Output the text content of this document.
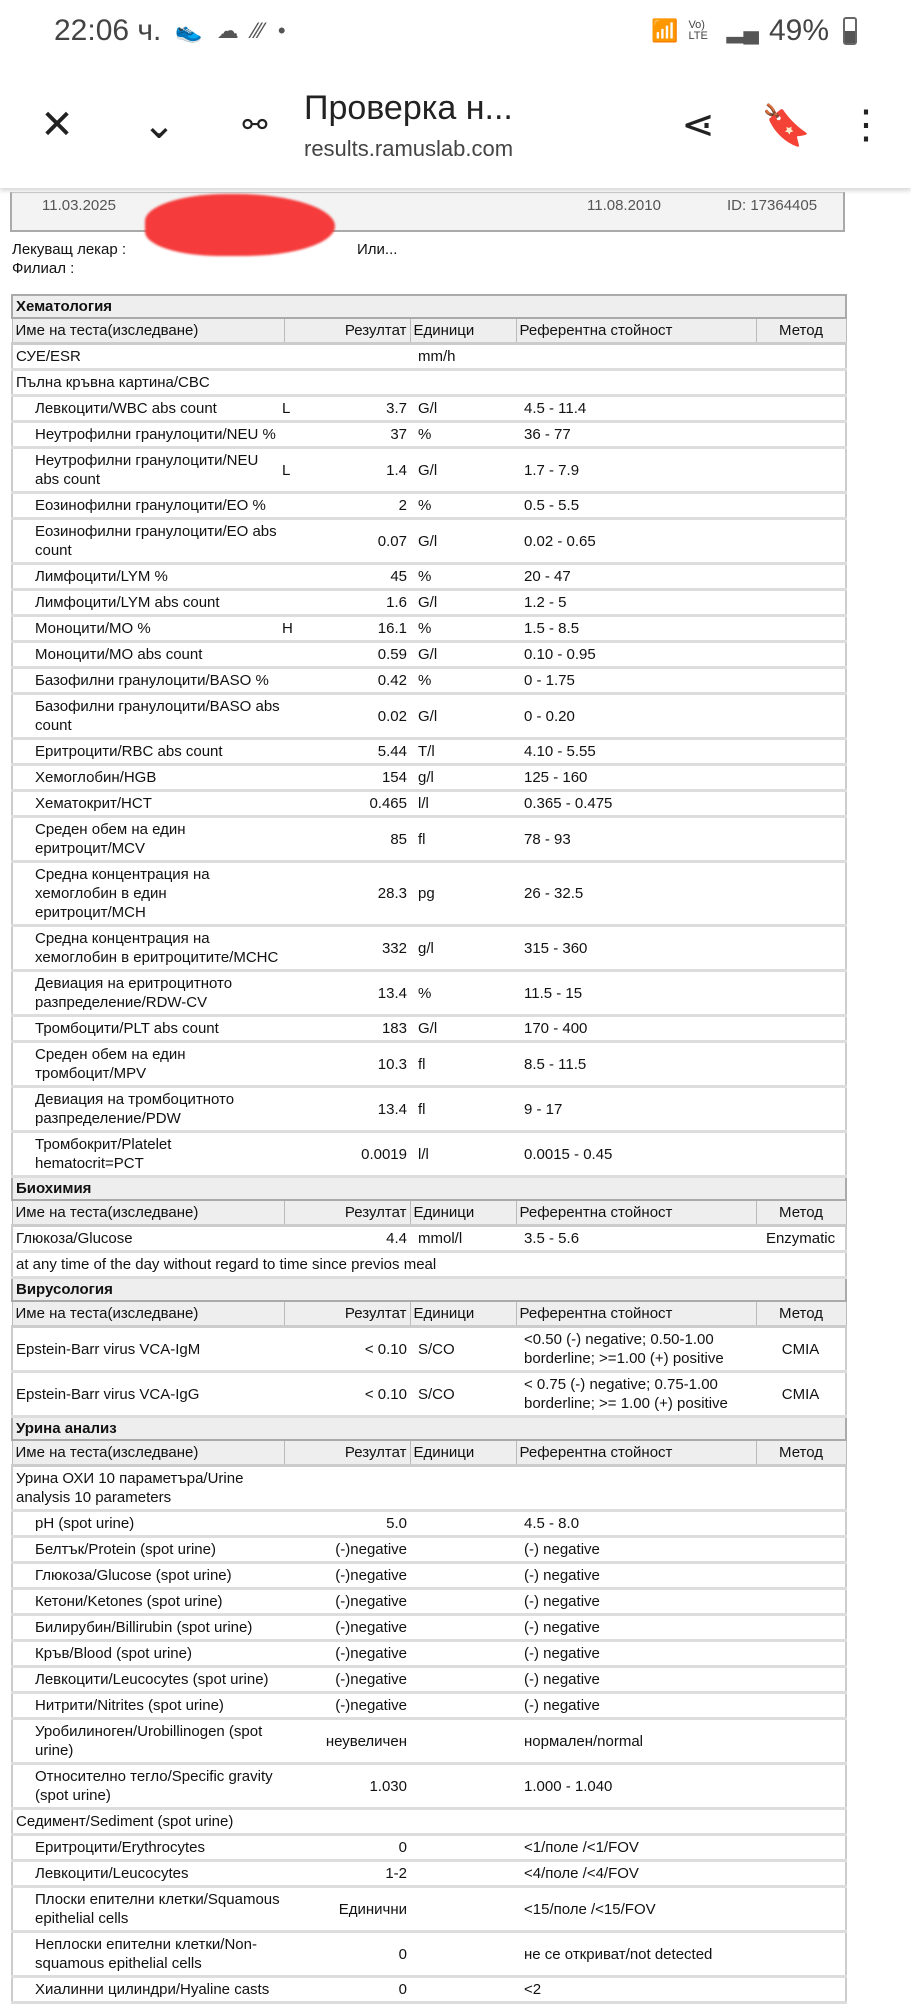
22:06 ч. 👟 ☁ ⁄⁄⁄ •	📶 Vo) LTE ▂▄ 49%
✕	⌄	⚯	Проверка н...
results.ramuslab.com
⋖	🔖 ⋮
11.03.2025	11.08.2010	ID: 17364405
Лекуващ лекар :	Или...
Филиал :
Хематология				
Име на теста(изследване)	Резултат	Единици	Референтна стойност	Метод
СУЕ/ESR		mm/h		
Пълна кръвна картина/CBC				
Левкоцити/WBC abs count	L 3.7	G/l	4.5 - 11.4	
Неутрофилни гранулоцити/NEU %	37	%	36 - 77	
Неутрофилни гранулоцити/NEU abs count	L 1.4	G/l	1.7 - 7.9	
Еозинофилни гранулоцити/EO %	2	%	0.5 - 5.5	
Еозинофилни гранулоцити/EO abs count	0.07	G/l	0.02 - 0.65	
Лимфоцити/LYM %	45	%	20 - 47	
Лимфоцити/LYM abs count	1.6	G/l	1.2 - 5	
Моноцити/MO %	H 16.1	%	1.5 - 8.5	
Моноцити/MO abs count	0.59	G/l	0.10 - 0.95	
Базофилни гранулоцити/BASO %	0.42	%	0 - 1.75	
Базофилни гранулоцити/BASO abs count	0.02	G/l	0 - 0.20	
Еритроцити/RBC abs count	5.44	T/l	4.10 - 5.55	
Хемоглобин/HGB	154	g/l	125 - 160	
Хематокрит/HCT	0.465	l/l	0.365 - 0.475	
Среден обем на един еритроцит/MCV	85	fl	78 - 93	
Средна концентрация на хемоглобин в един еритроцит/MCH	28.3	pg	26 - 32.5	
Средна концентрация на хемоглобин в еритроцитите/MCHC	332	g/l	315 - 360	
Девиация на еритроцитното разпределение/RDW-CV	13.4	%	11.5 - 15	
Тромбоцити/PLT abs count	183	G/l	170 - 400	
Среден обем на един тромбоцит/MPV	10.3	fl	8.5 - 11.5	
Девиация на тромбоцитното разпределение/PDW	13.4	fl	9 - 17	
Тромбокрит/Platelet hematocrit=PCT	0.0019	l/l	0.0015 - 0.45	
Биохимия				
Име на теста(изследване)	Резултат	Единици	Референтна стойност	Метод
Глюкоза/Glucose	4.4	mmol/l	3.5 - 5.6	Enzymatic
at any time of the day without regard to time since previos meal				
Вирусология				
Име на теста(изследване)	Резултат	Единици	Референтна стойност	Метод
Epstein-Barr virus VCA-IgM	< 0.10	S/CO	<0.50 (-) negative; 0.50-1.00 borderline; >=1.00 (+) positive	CMIA
Epstein-Barr virus VCA-IgG	< 0.10	S/CO	< 0.75 (-) negative; 0.75-1.00 borderline; >= 1.00 (+) positive	CMIA
Урина анализ				
Име на теста(изследване)	Резултат	Единици	Референтна стойност	Метод
Урина ОХИ 10 параметъра/Urine analysis 10 parameters				
pH (spot urine)	5.0		4.5 - 8.0	
Белтък/Protein (spot urine)	(-)negative		(-) negative	
Глюкоза/Glucose (spot urine)	(-)negative		(-) negative	
Кетони/Ketones (spot urine)	(-)negative		(-) negative	
Билирубин/Billirubin (spot urine)	(-)negative		(-) negative	
Кръв/Blood (spot urine)	(-)negative		(-) negative	
Левкоцити/Leucocytes (spot urine)	(-)negative		(-) negative	
Нитрити/Nitrites (spot urine)	(-)negative		(-) negative	
Уробилиноген/Urobillinogen (spot urine)	неувеличен		нормален/normal	
Относително тегло/Specific gravity (spot urine)	1.030		1.000 - 1.040	
Седимент/Sediment (spot urine)				
Еритроцити/Erythrocytes	0		<1/поле /<1/FOV	
Левкоцити/Leucocytes	1-2		<4/поле /<4/FOV	
Плоски епителни клетки/Squamous epithelial cells	Единични		<15/поле /<15/FOV	
Неплоски епителни клетки/Non-squamous epithelial cells	0		не се откриват/not detected	
Хиалинни цилиндри/Hyaline casts	0		<2	
